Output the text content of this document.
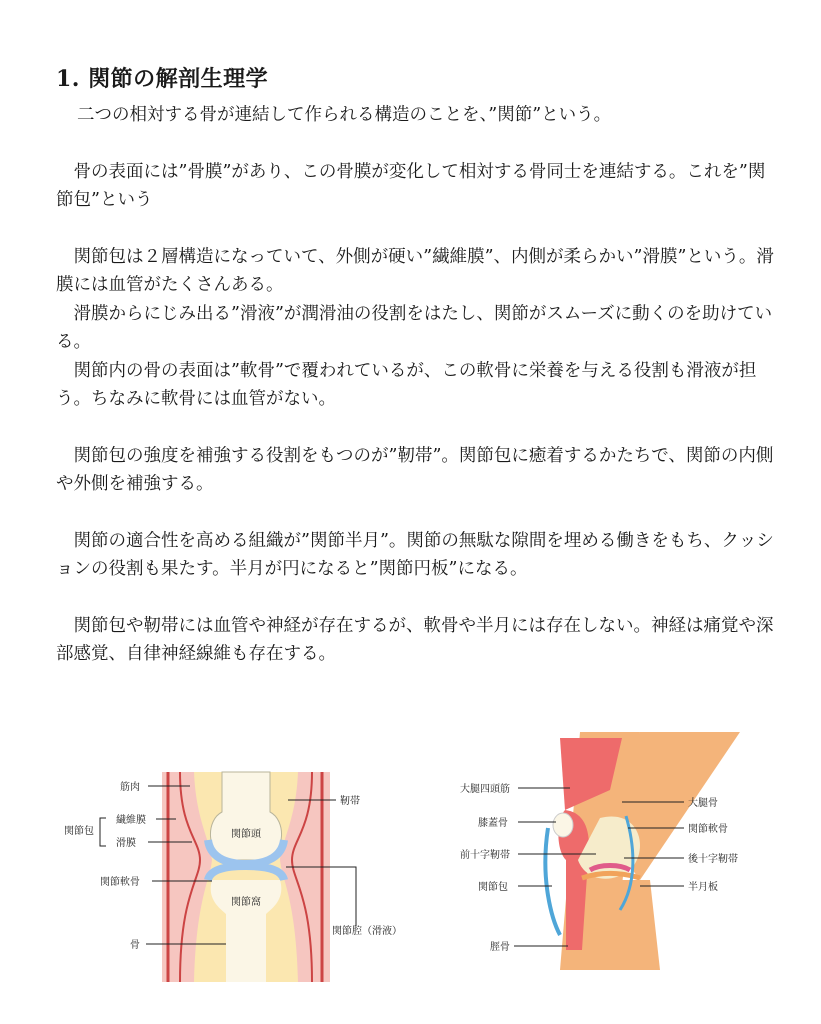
1. 関節の解剖生理学

二つの相対する骨が連結して作られる構造のことを、”関節”という。

骨の表面には”骨膜”があり、この骨膜が変化して相対する骨同士を連結する。これを”関節包”という

関節包は２層構造になっていて、外側が硬い”繊維膜”、内側が柔らかい”滑膜”という。滑膜には血管がたくさんある。

滑膜からにじみ出る”滑液”が潤滑油の役割をはたし、関節がスムーズに動くのを助けている。

関節内の骨の表面は”軟骨”で覆われているが、この軟骨に栄養を与える役割も滑液が担う。ちなみに軟骨には血管がない。

関節包の強度を補強する役割をもつのが”靭帯”。関節包に癒着するかたちで、関節の内側や外側を補強する。

関節の適合性を高める組織が”関節半月”。関節の無駄な隙間を埋める働きをもち、クッションの役割も果たす。半月が円になると”関節円板”になる。

関節包や靭帯には血管や神経が存在するが、軟骨や半月には存在しない。神経は痛覚や深部感覚、自律神経線維も存在する。

関節頭
関節窩
筋肉
関節包
繊維膜
滑膜
関節軟骨
骨
靭帯
関節腔（滑液）
大腿四頭筋
膝蓋骨
前十字靭帯
関節包
脛骨
大腿骨
関節軟骨
後十字靭帯
半月板
